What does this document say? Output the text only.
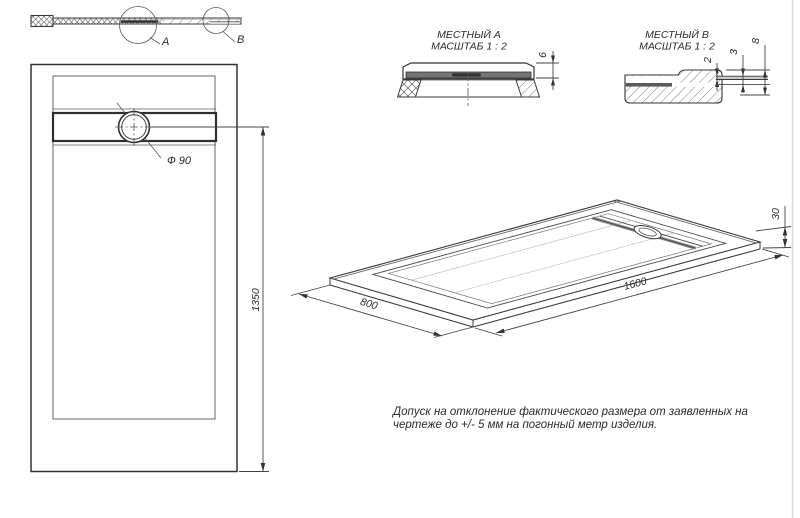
A	B
Ф 90
1350
МЕСТНЫЙ А
МАСШТАБ 1 : 2
6
МЕСТНЫЙ В
МАСШТАБ 1 : 2
2
3
8
800
1600
30
Допуск на отклонение фактического размера от заявленных на
чертеже до +/- 5 мм на погонный метр изделия.
